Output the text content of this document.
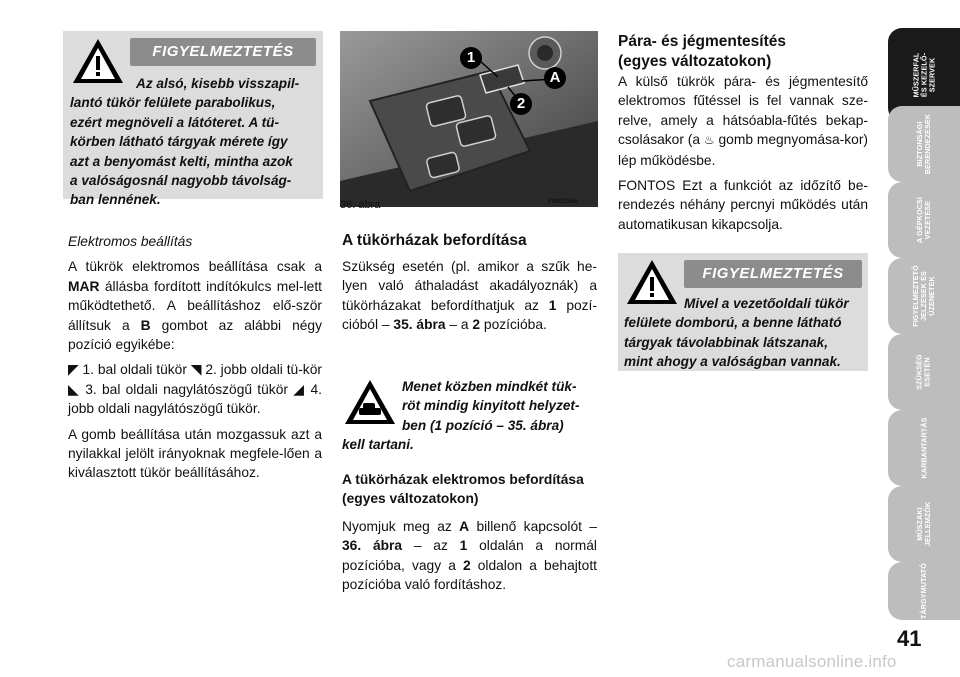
FIGYELMEZTETÉS
Az alsó, kisebb visszapil-
lantó tükör felülete parabolikus,
ezért megnöveli a látóteret. A tü-
körben látható tárgyak mérete így
azt a benyomást kelti, mintha azok
a valóságosnál nagyobb távolság-
ban lennének.

Elektromos beállítás

A tükrök elektromos beállítása csak a MAR állásba fordított indítókulcs mel-lett működtethető. A beállításhoz elő-ször állítsuk a B gombot az alábbi négy pozíció egyikébe:

◤ 1. bal oldali tükör ◥ 2. jobb oldali tü-kör ◣ 3. bal oldali nagylátószögű tükör ◢ 4. jobb oldali nagylátószögű tükör.

A gomb beállítása után mozgassuk azt a nyilakkal jelölt irányoknak megfele-lően a kiválasztott tükör beállításához.

1
A
2
36. ábra	F0N0159m
A tükörházak befordítása

Szükség esetén (pl. amikor a szűk he-lyen való áthaladást akadályoznák) a tükörházakat befordíthatjuk az 1 pozí-cióból – 35. ábra – a 2 pozícióba.

Menet közben mindkét tük-
röt mindig kinyitott helyzet-
ben (1 pozíció – 35. ábra)
kell tartani.
A tükörházak elektromos befordítása (egyes változatokon)

Nyomjuk meg az A billenő kapcsolót – 36. ábra – az 1 oldalán a normál pozícióba, vagy a 2 oldalon a behajtott pozícióba való fordításhoz.

Pára- és jégmentesítés
(egyes változatokon)

A külső tükrök pára- és jégmentesítő elektromos fűtéssel is fel vannak sze-relve, amely a hátsóabla-fűtés bekap-csolásakor (a ♨ gomb megnyomása-kor) lép működésbe.

FONTOS Ezt a funkciót az időzítő be-rendezés néhány percnyi működés után automatikusan kikapcsolja.

FIGYELMEZTETÉS
Mivel a vezetőoldali tükör
felülete domború, a benne látható
tárgyak távolabbinak látszanak,
mint ahogy a valóságban vannak.
MŰSZERFAL
ÉS KEZELŐ-
SZERVEK
BIZTONSÁGI
BERENDEZÉSEK
A GÉPKOCSI
VEZETÉSE
FIGYELMEZTETŐ
JELZÉSEK ÉS
ÜZENETEK
SZÜKSÉG
ESETÉN
KARBANTARTÁS
MŰSZAKI
JELLEMZŐK
TÁRGYMUTATÓ
41
carmanualsonline.info
